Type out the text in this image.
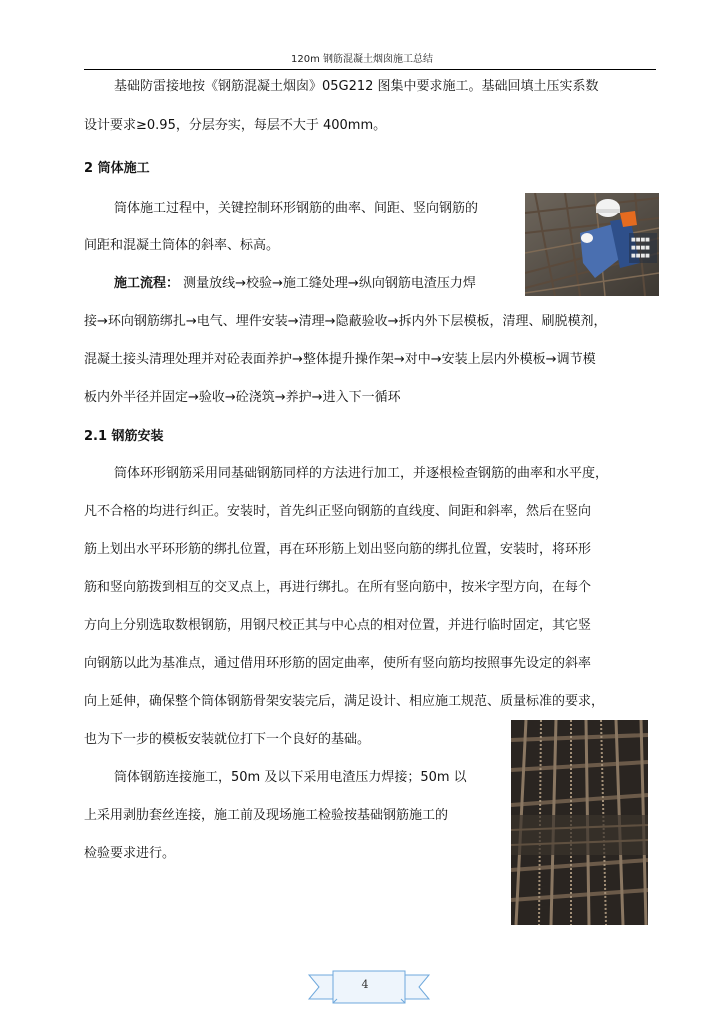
120m 钢筋混凝土烟囱施工总结
基础防雷接地按《钢筋混凝土烟囱》05G212 图集中要求施工。基础回填土压实系数
设计要求≥0.95，分层夯实，每层不大于 400mm。
2 筒体施工
筒体施工过程中，关键控制环形钢筋的曲率、间距、竖向钢筋的
间距和混凝土筒体的斜率、标高。
施工流程： 测量放线→校验→施工缝处理→纵向钢筋电渣压力焊
接→环向钢筋绑扎→电气、埋件安装→清理→隐蔽验收→拆内外下层模板，清理、刷脱模剂，
混凝土接头清理处理并对砼表面养护→整体提升操作架→对中→安装上层内外模板→调节模
板内外半径并固定→验收→砼浇筑→养护→进入下一循环
2.1 钢筋安装
筒体环形钢筋采用同基础钢筋同样的方法进行加工，并逐根检查钢筋的曲率和水平度，
凡不合格的均进行纠正。安装时，首先纠正竖向钢筋的直线度、间距和斜率，然后在竖向
筋上划出水平环形筋的绑扎位置，再在环形筋上划出竖向筋的绑扎位置，安装时，将环形
筋和竖向筋拨到相互的交叉点上，再进行绑扎。在所有竖向筋中，按米字型方向，在每个
方向上分别选取数根钢筋，用钢尺校正其与中心点的相对位置，并进行临时固定，其它竖
向钢筋以此为基准点，通过借用环形筋的固定曲率，使所有竖向筋均按照事先设定的斜率
向上延伸，确保整个筒体钢筋骨架安装完后，满足设计、相应施工规范、质量标准的要求，
也为下一步的模板安装就位打下一个良好的基础。
筒体钢筋连接施工，50m 及以下采用电渣压力焊接；50m 以
上采用剥肋套丝连接，施工前及现场施工检验按基础钢筋施工的
检验要求进行。
■■■■
■■■■
■■■■
4
